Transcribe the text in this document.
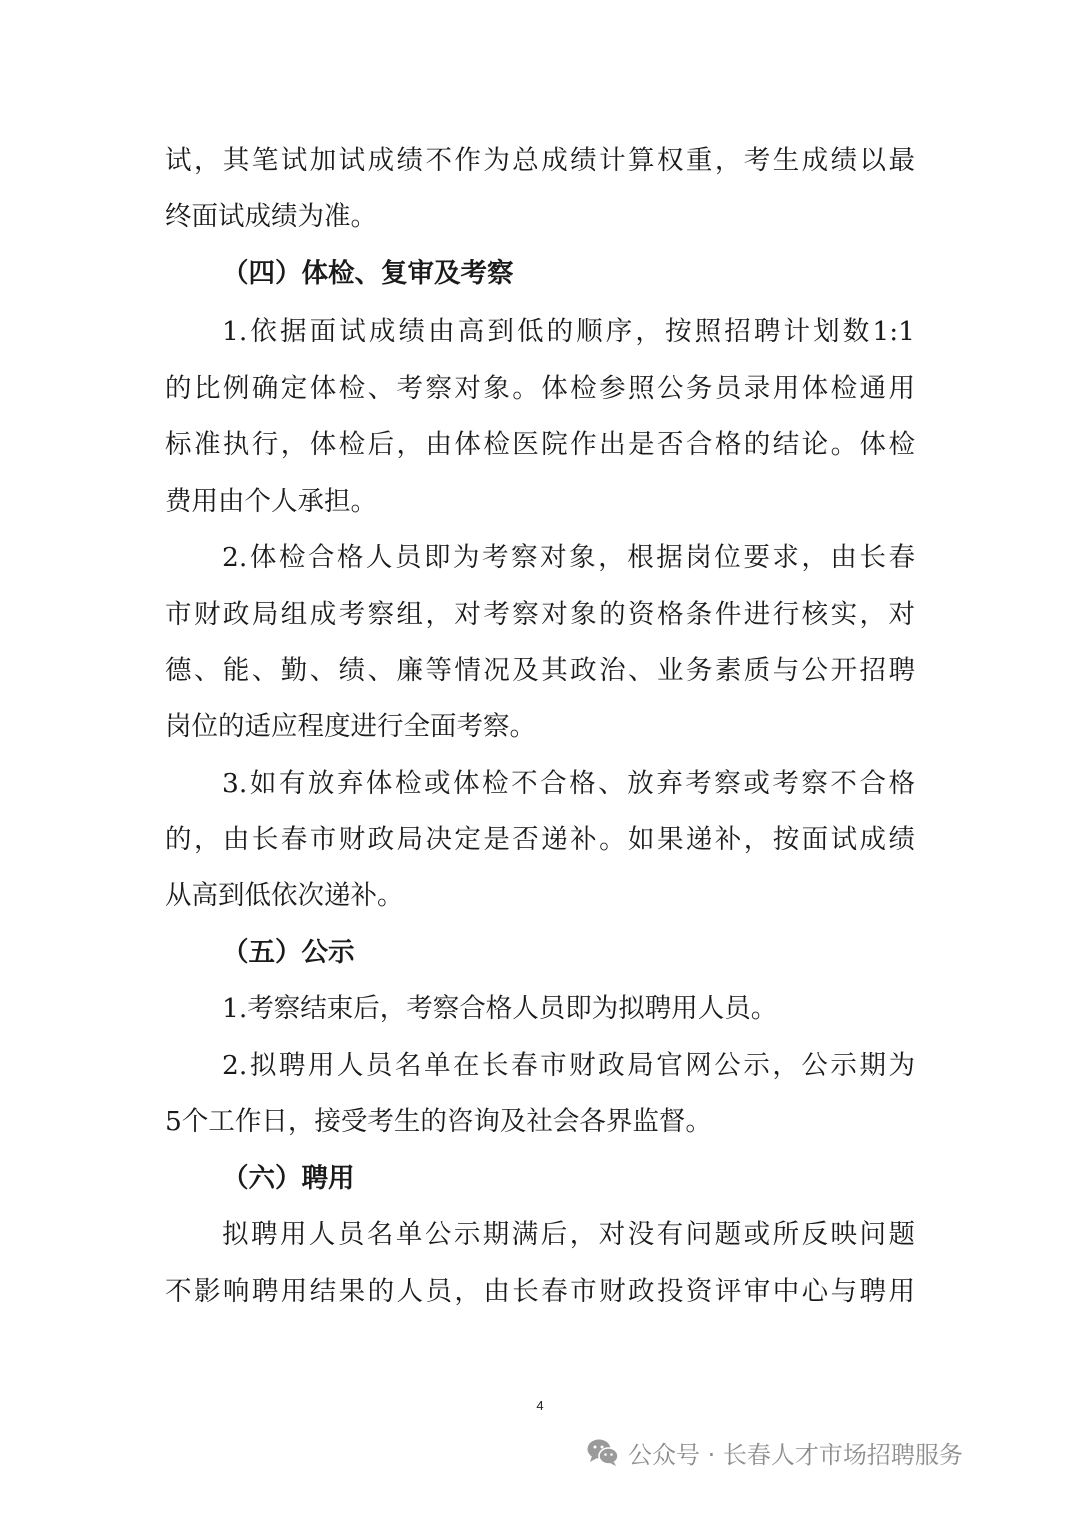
试，其笔试加试成绩不作为总成绩计算权重，考生成绩以最
终面试成绩为准。
（四）体检、复审及考察
1.依据面试成绩由高到低的顺序，按照招聘计划数1:1
的比例确定体检、考察对象。体检参照公务员录用体检通用
标准执行，体检后，由体检医院作出是否合格的结论。体检
费用由个人承担。
2.体检合格人员即为考察对象，根据岗位要求，由长春
市财政局组成考察组，对考察对象的资格条件进行核实，对
德、能、勤、绩、廉等情况及其政治、业务素质与公开招聘
岗位的适应程度进行全面考察。
3.如有放弃体检或体检不合格、放弃考察或考察不合格
的，由长春市财政局决定是否递补。如果递补，按面试成绩
从高到低依次递补。
（五）公示
1.考察结束后，考察合格人员即为拟聘用人员。
2.拟聘用人员名单在长春市财政局官网公示，公示期为
5个工作日，接受考生的咨询及社会各界监督。
（六）聘用
拟聘用人员名单公示期满后，对没有问题或所反映问题
不影响聘用结果的人员，由长春市财政投资评审中心与聘用
4
公众号 · 长春人才市场招聘服务
